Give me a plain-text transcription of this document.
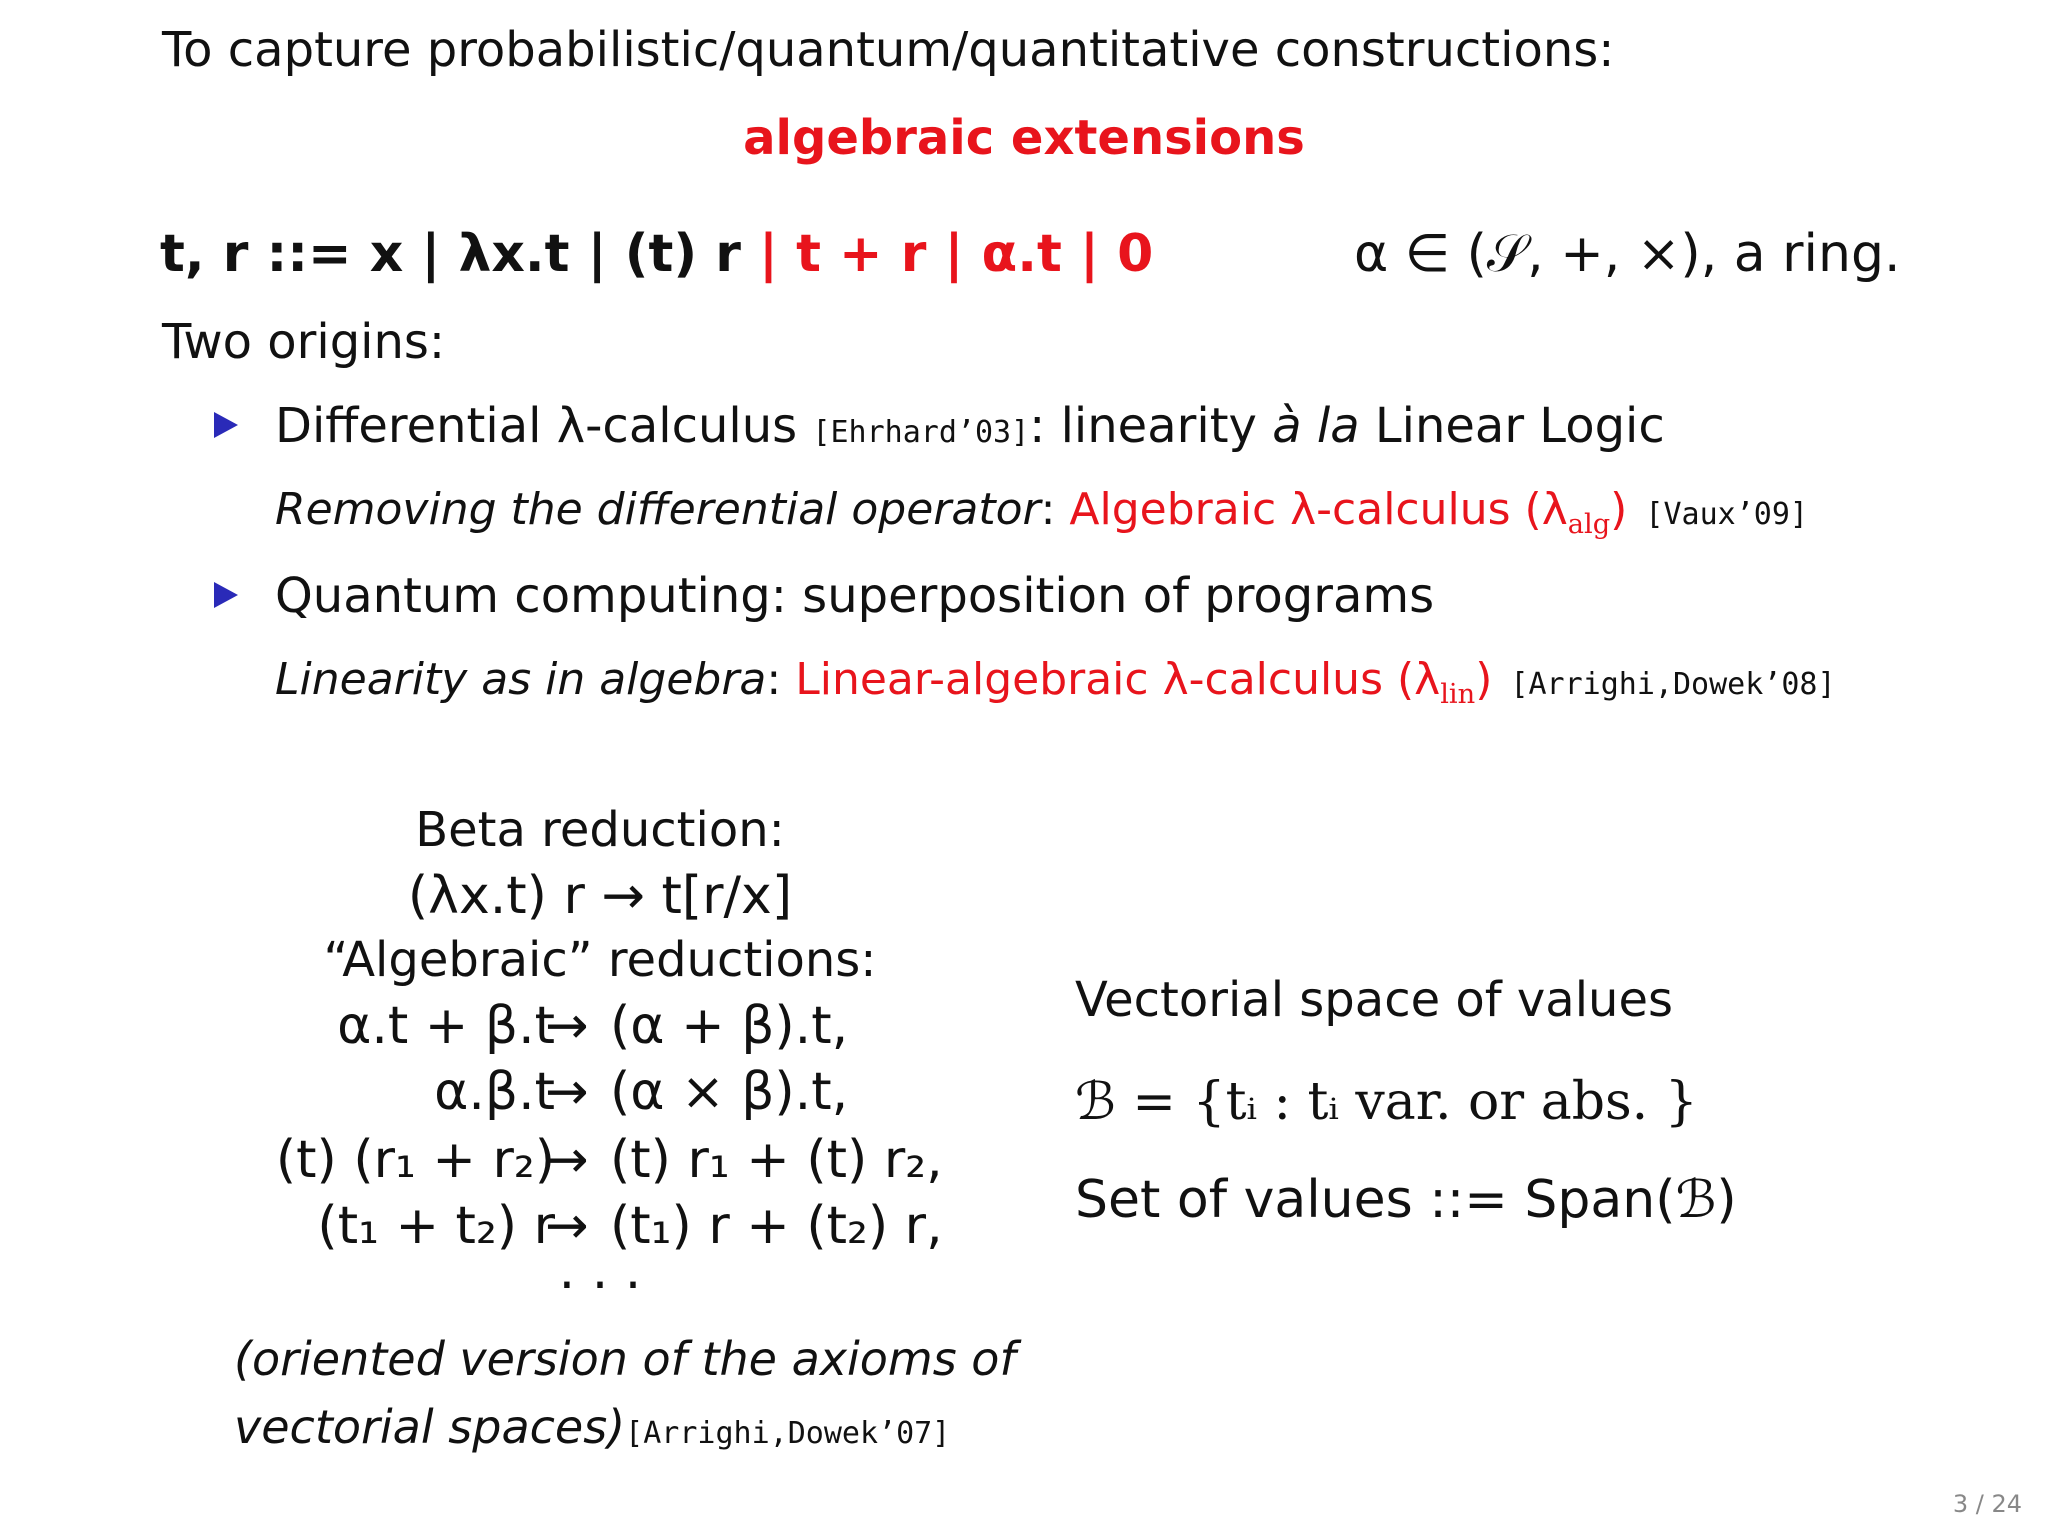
To capture probabilistic/quantum/quantitative constructions:
algebraic extensions
t, r ::= x | λx.t | (t) r | t + r | α.t | 0	α ∈ (𝒮, +, ×), a ring.
Two origins:
Differential λ-calculus [Ehrhard’03]: linearity à la Linear Logic
Removing the differential operator: Algebraic λ-calculus (λalg) [Vaux’09]
Quantum computing: superposition of programs
Linearity as in algebra: Linear-algebraic λ-calculus (λlin) [Arrighi,Dowek’08]
Beta reduction:
(λx.t) r → t[r/x]
“Algebraic” reductions:
α.t + β.t
→ (α + β).t,
α.β.t
→ (α × β).t,
(t) (r₁ + r₂)
→ (t) r₁ + (t) r₂,
(t₁ + t₂) r
→ (t₁) r + (t₂) r,
· · ·
(oriented version of the axioms of
vectorial spaces)[Arrighi,Dowek’07]
Vectorial space of values
ℬ = {tᵢ : tᵢ var. or abs. }
Set of values ::= Span(ℬ)
3 / 24
